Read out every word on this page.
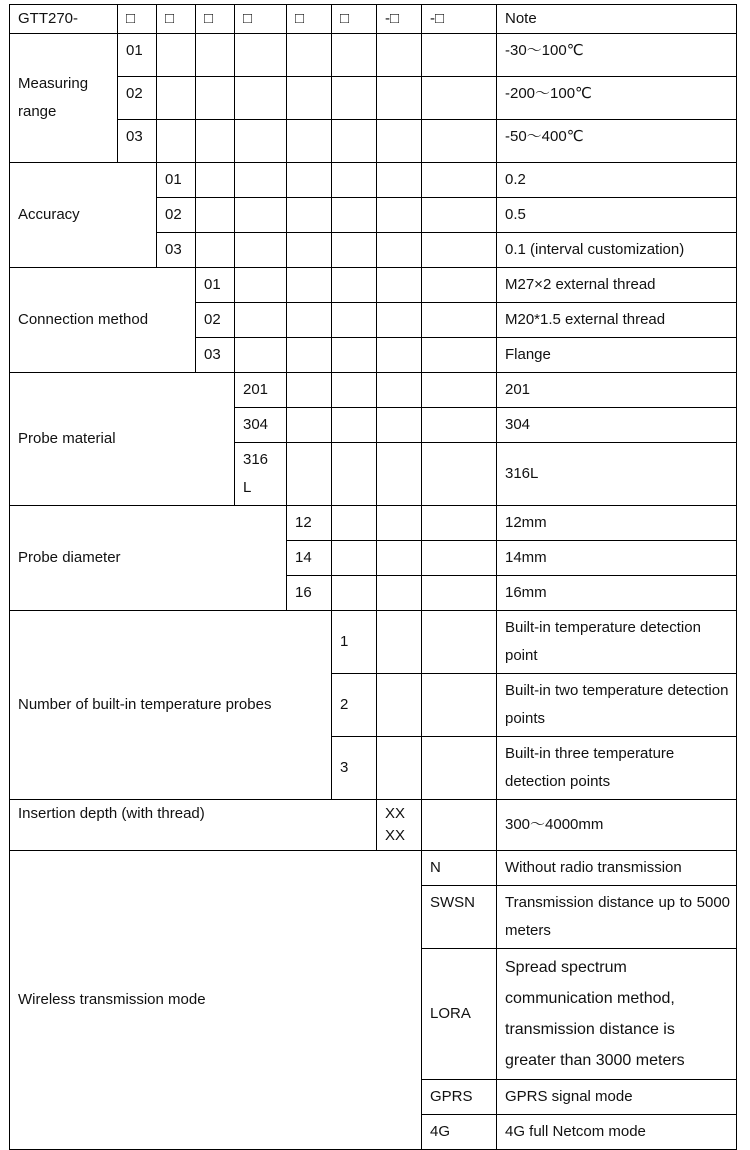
GTT270-	□	□	□	□	□	□	-□	-□	Note
Measuring range	01								-30～100℃
	02								-200～100℃
	03								-50～400℃
Accuracy		01							0.2
		02							0.5
		03							0.1 (interval customization)
Connection method			01						M27×2 external thread
			02						M20*1.5 external thread
			03						Flange
Probe material				201					201
				304					304
				316L					316L
Probe diameter					12				12mm
					14				14mm
					16				16mm
Number of built-in temperature probes						1			Built-in temperature detection point
						2			Built-in two temperature detection points
						3			Built-in three temperature detection points
Insertion depth (with thread)							XXXX		300～4000mm
Wireless transmission mode								N	Without radio transmission
								SWSN	Transmission distance up to 5000 meters
								LORA	Spread spectrum communication method, transmission distance is greater than 3000 meters
								GPRS	GPRS signal mode
								4G	4G full Netcom mode
